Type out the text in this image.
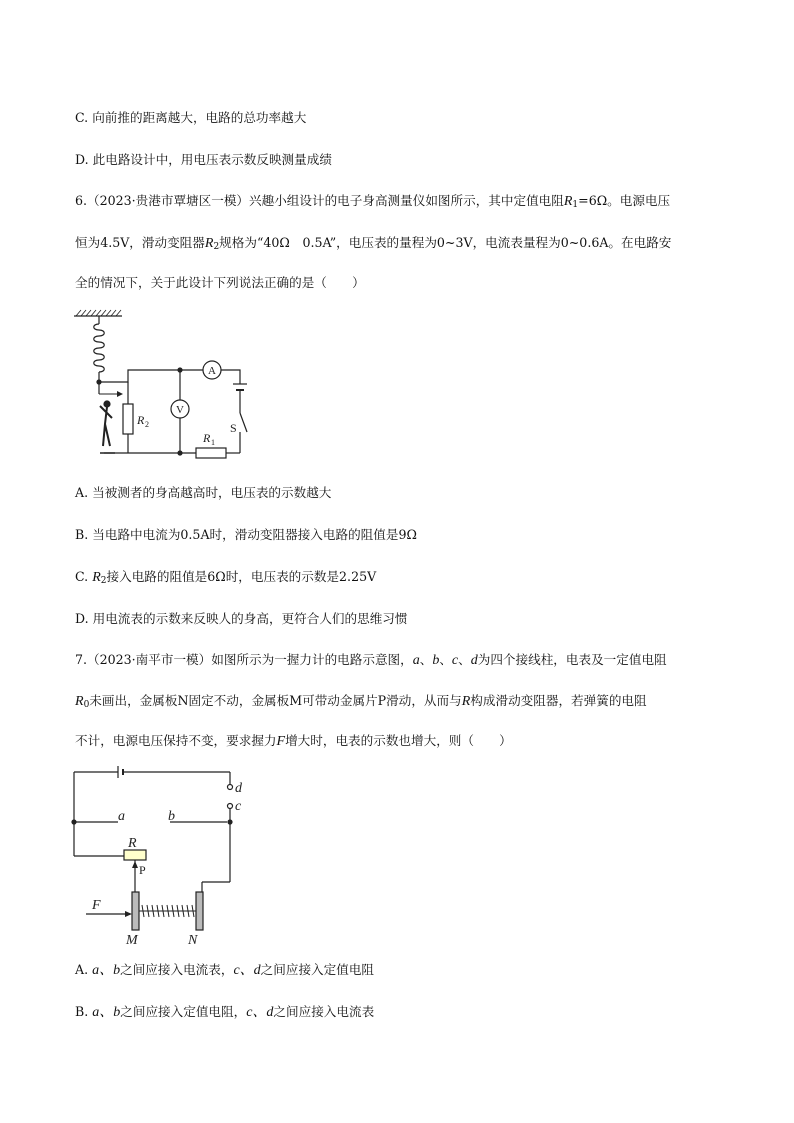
C. 向前推的距离越大，电路的总功率越大
D. 此电路设计中，用电压表示数反映测量成绩
6.（2023·贵港市覃塘区一模）兴趣小组设计的电子身高测量仪如图所示，其中定值电阻$R_1=6\Omega$。电源电压
恒为4.5V，滑动变阻器$R_2$规格为“40Ω　0.5A”，电压表的量程为0~3V，电流表量程为0~0.6A。在电路安
全的情况下，关于此设计下列说法正确的是（　　）
A
V
R 2
R 1
S
A. 当被测者的身高越高时，电压表的示数越大
B. 当电路中电流为0.5A时，滑动变阻器接入电路的阻值是9Ω
C. $R_2$接入电路的阻值是6Ω时，电压表的示数是2.25V
D. 用电流表的示数来反映人的身高，更符合人们的思维习惯
7.（2023·南平市一模）如图所示为一握力计的电路示意图，a、b、c、d为四个接线柱，电表及一定值电阻
$R_0$未画出，金属板N固定不动，金属板M可带动金属片P滑动，从而与R构成滑动变阻器，若弹簧的电阻
不计，电源电压保持不变，要求握力F增大时，电表的示数也增大，则（　　）
a	b
c
d
R
P
F
M	N
A. a、b之间应接入电流表，c、d之间应接入定值电阻
B. a、b之间应接入定值电阻，c、d之间应接入电流表
